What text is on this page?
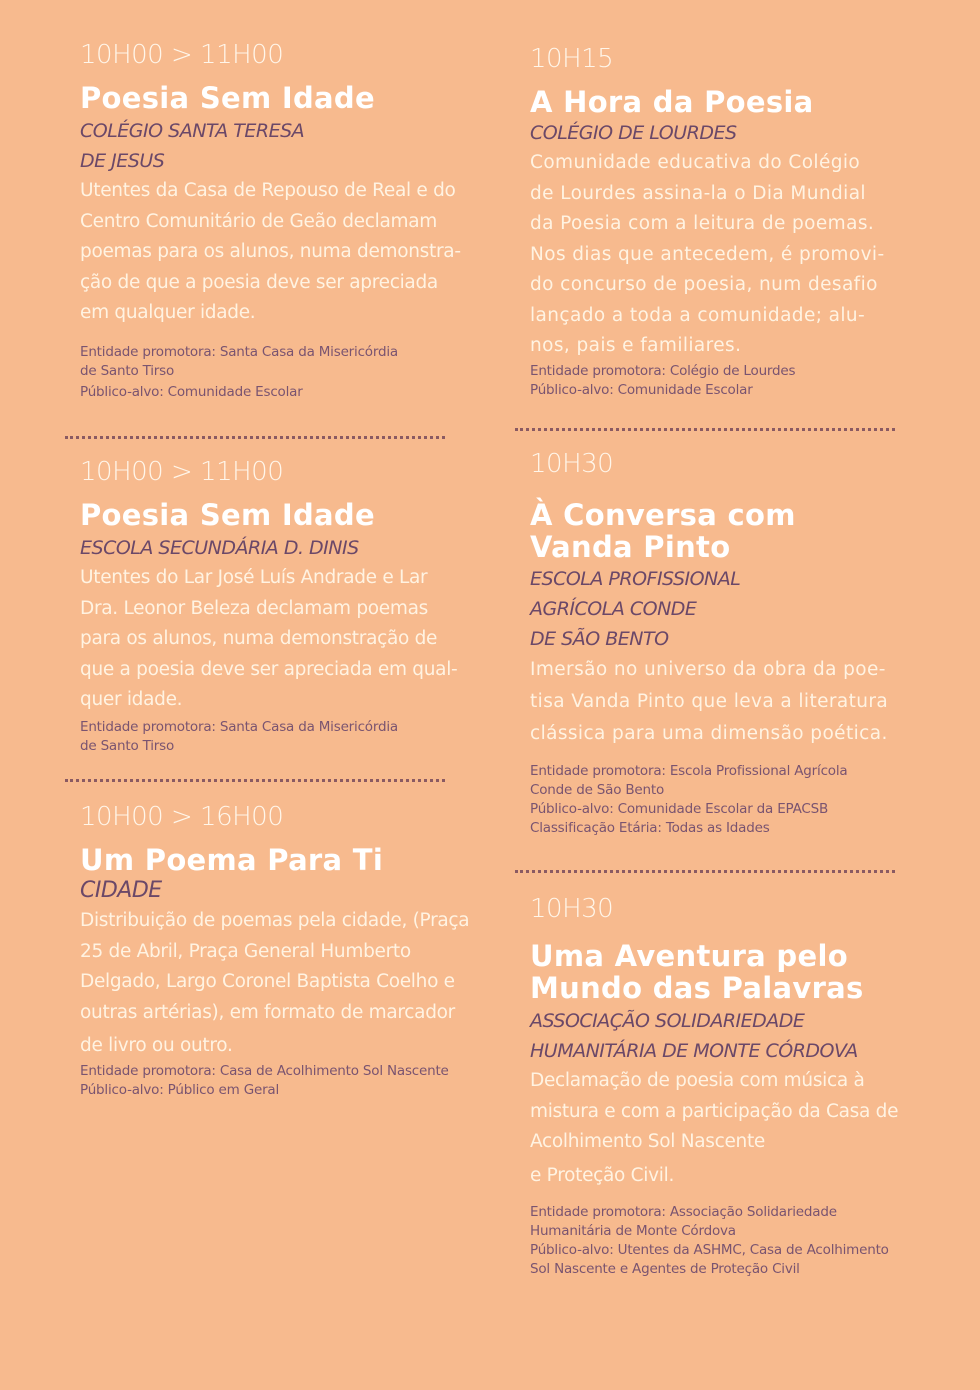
10H00 > 11H00

Poesia Sem Idade
COLÉGIO SANTA TERESA
DE JESUS
Utentes da Casa de Repouso de Real e do
Centro Comunitário de Geão declamam
poemas para os alunos, numa demonstra-
ção de que a poesia deve ser apreciada
em qualquer idade.
Entidade promotora: Santa Casa da Misericórdia
de Santo Tirso
Público-alvo: Comunidade Escolar

10H00 > 11H00

Poesia Sem Idade
ESCOLA SECUNDÁRIA D. DINIS
Utentes do Lar José Luís Andrade e Lar
Dra. Leonor Beleza declamam poemas
para os alunos, numa demonstração de
que a poesia deve ser apreciada em qual-
quer idade.
Entidade promotora: Santa Casa da Misericórdia
de Santo Tirso

10H00 > 16H00

Um Poema Para Ti
CIDADE
Distribuição de poemas pela cidade, (Praça
25 de Abril, Praça General Humberto
Delgado, Largo Coronel Baptista Coelho e
outras artérias), em formato de marcador
de livro ou outro.
Entidade promotora: Casa de Acolhimento Sol Nascente
Público-alvo: Público em Geral

10H15

A Hora da Poesia
COLÉGIO DE LOURDES
Comunidade educativa do Colégio
de Lourdes assina-la o Dia Mundial
da Poesia com a leitura de poemas.
Nos dias que antecedem, é promovi-
do concurso de poesia, num desafio
lançado a toda a comunidade; alu-
nos, pais e familiares.
Entidade promotora: Colégio de Lourdes
Público-alvo: Comunidade Escolar

10H30

À Conversa com
Vanda Pinto
ESCOLA PROFISSIONAL
AGRÍCOLA CONDE
DE SÃO BENTO
Imersão no universo da obra da poe-
tisa Vanda Pinto que leva a literatura
clássica para uma dimensão poética.
Entidade promotora: Escola Profissional Agrícola
Conde de São Bento
Público-alvo: Comunidade Escolar da EPACSB
Classificação Etária: Todas as Idades

10H30

Uma Aventura pelo
Mundo das Palavras
ASSOCIAÇÃO SOLIDARIEDADE
HUMANITÁRIA DE MONTE CÓRDOVA
Declamação de poesia com música à
mistura e com a participação da Casa de
Acolhimento Sol Nascente
e Proteção Civil.
Entidade promotora: Associação Solidariedade
Humanitária de Monte Córdova
Público-alvo: Utentes da ASHMC, Casa de Acolhimento
Sol Nascente e Agentes de Proteção Civil
